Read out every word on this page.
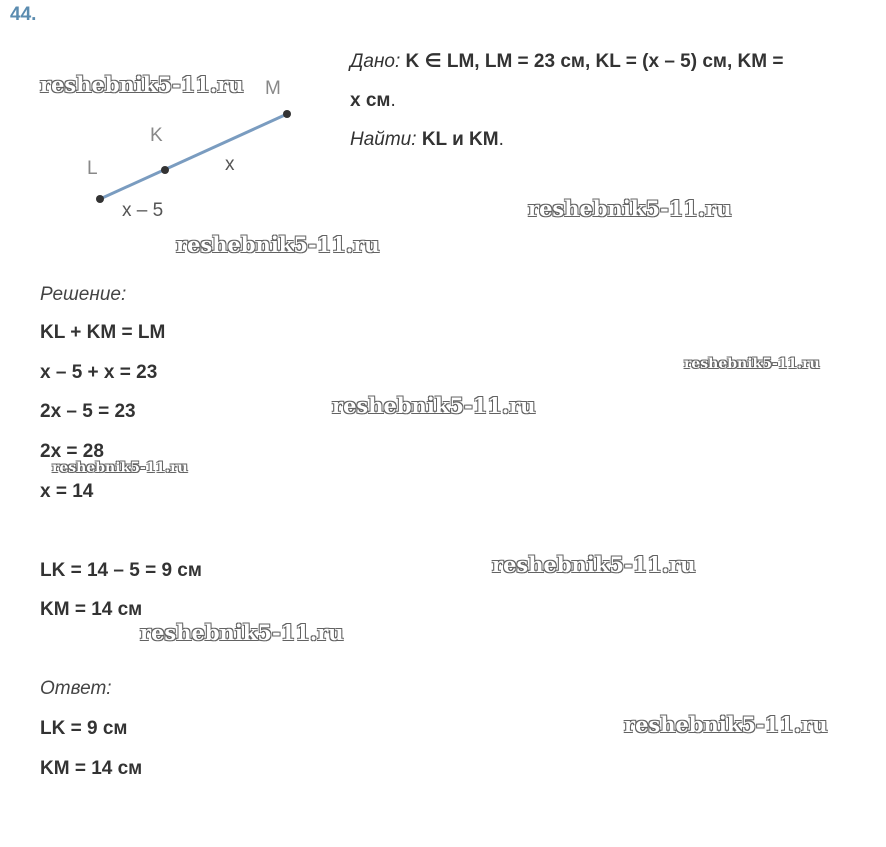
44.
L
K
M
x
x – 5
Дано: K ∈ LM, LM = 23 см, KL = (x – 5) см, KM =
x см.
Найти: KL и KM.
Решение:
KL + KM = LM
x – 5 + x = 23
2x – 5 = 23
2x = 28
x = 14
LK = 14 – 5 = 9 см
KM = 14 см
Ответ:
LK = 9 см
KM = 14 см
reshebnik5-11.ru
reshebnik5-11.ru
reshebnik5-11.ru
reshebnik5-11.ru
reshebnik5-11.ru
reshebnik5-11.ru
reshebnik5-11.ru
reshebnik5-11.ru
reshebnik5-11.ru
